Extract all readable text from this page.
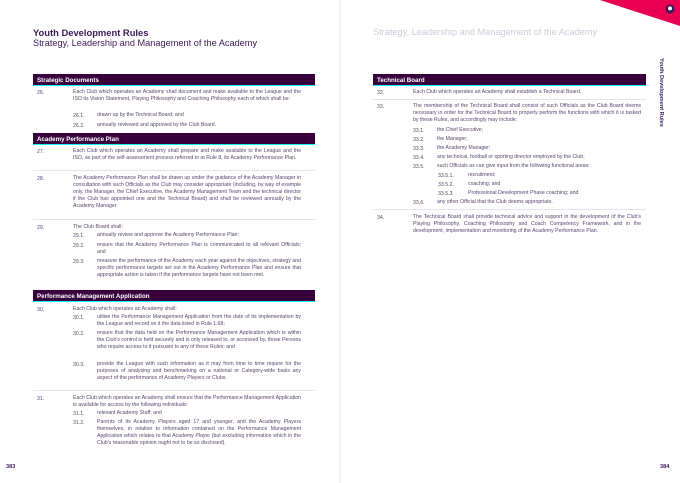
Youth Development Rules
Strategy, Leadership and Management of the Academy
Strategic Documents
26.	Each Club which operates an Academy shall document and make available to the League and the ISO its Vision Statement, Playing Philosophy and Coaching Philosophy each of which shall be:
26.1. drawn up by the Technical Board; and
26.2. annually reviewed and approved by the Club Board.
Academy Performance Plan
27.	Each Club which operates an Academy shall prepare and make available to the League and the ISO, as part of the self-assessment process referred to at Rule 8, its Academy Performance Plan.
28.	The Academy Performance Plan shall be drawn up under the guidance of the Academy Manager in consultation with such Officials as the Club may consider appropriate (including, by way of example only, the Manager, the Chief Executive, the Academy Management Team and the technical director if the Club has appointed one and the Technical Board) and shall be reviewed annually by the Academy Manager.
29.	The Club Board shall:
29.1. annually review and approve the Academy Performance Plan;
29.2. ensure that the Academy Performance Plan is communicated to all relevant Officials; and
29.3. measure the performance of the Academy each year against the objectives, strategy and specific performance targets set out in the Academy Performance Plan and ensure that appropriate action is taken if the performance targets have not been met.
Performance Management Application
30.	Each Club which operates an Academy shall:
30.1. utilise the Performance Management Application from the date of its implementation by the League and record on it the data listed in Rule 1.68;
30.2. ensure that the data held on the Performance Management Application which is within the Club's control is held securely and is only released to, or accessed by, those Persons who require access to it pursuant to any of these Rules; and
30.3. provide the League with such information as it may from time to time require for the purposes of analysing and benchmarking on a national or Category-wide basis any aspect of the performance of Academy Players or Clubs.
31.	Each Club which operates an Academy shall ensure that the Performance Management Application is available for access by the following individuals:
31.1. relevant Academy Staff; and
31.2. Parents of its Academy Players aged 17 and younger, and the Academy Players themselves, in relation to information contained on the Performance Management Application which relates to that Academy Player (but excluding information which in the Club's reasonable opinion ought not to be so disclosed).
383
Strategy, Leadership and Management of the Academy
Youth Development Rules
Technical Board
32.	Each Club which operates an Academy shall establish a Technical Board.
33.	The membership of the Technical Board shall consist of such Officials as the Club Board deems necessary in order for the Technical Board to properly perform the functions with which it is tasked by these Rules, and accordingly may include:
33.1. the Chief Executive;
33.2. the Manager;
33.3. the Academy Manager;
33.4. any technical, football or sporting director employed by the Club;
33.5. such Officials as can give input from the following functional areas:
33.5.1.	recruitment;
33.5.2.	coaching; and
33.5.3.	Professional Development Phase coaching; and
33.6. any other Official that the Club deems appropriate.
34.	The Technical Board shall provide technical advice and support in the development of the Club's Playing Philosophy, Coaching Philosophy and Coach Competency Framework, and in the development, implementation and monitoring of the Academy Performance Plan.
384
